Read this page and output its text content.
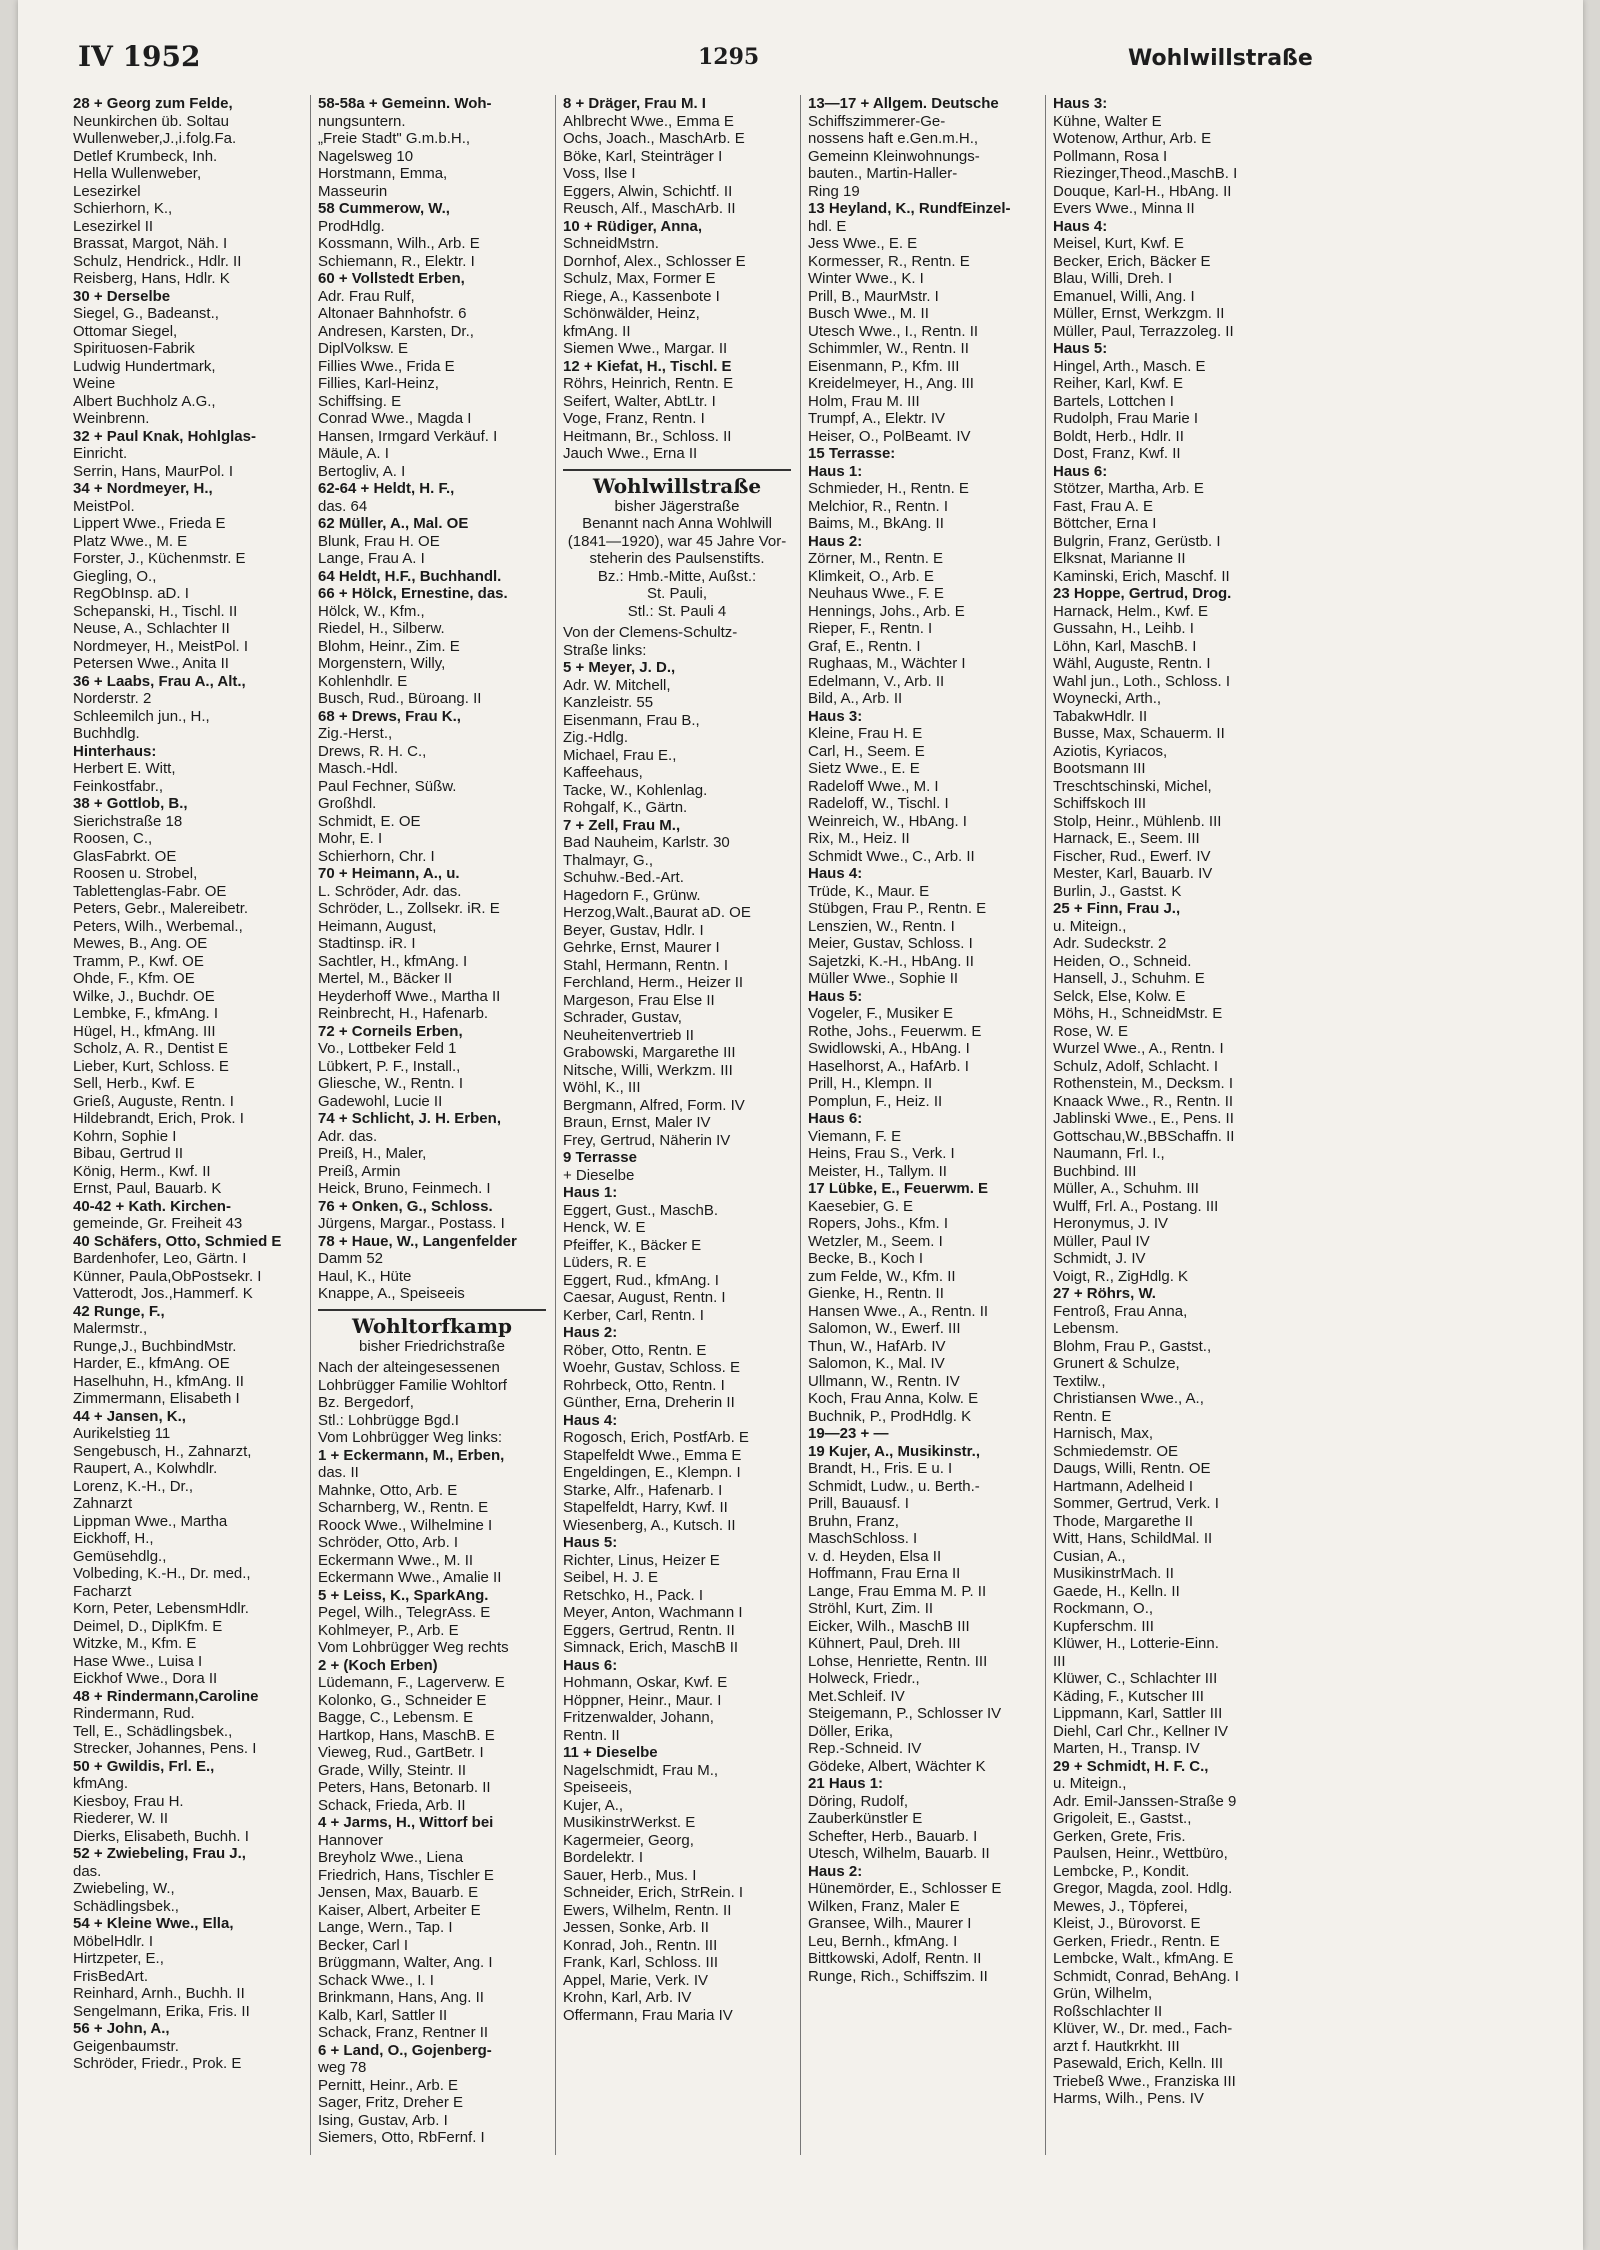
IV 1952	1295	Wohlwillstraße
28 + Georg zum Felde,
Neunkirchen üb. Soltau
Wullenweber,J.,i.folg.Fa.
Detlef Krumbeck, Inh.
Hella Wullenweber,
Lesezirkel
Schierhorn, K.,
Lesezirkel II
Brassat, Margot, Näh. I
Schulz, Hendrick., Hdlr. II
Reisberg, Hans, Hdlr. K
30 + Derselbe
Siegel, G., Badeanst.,
Ottomar Siegel,
Spirituosen-Fabrik
Ludwig Hundertmark,
Weine
Albert Buchholz A.G.,
Weinbrenn.
32 + Paul Knak, Hohlglas-
Einricht.
Serrin, Hans, MaurPol. I
34 + Nordmeyer, H.,
MeistPol.
Lippert Wwe., Frieda E
Platz Wwe., M. E
Forster, J., Küchenmstr. E
Giegling, O.,
RegObInsp. aD. I
Schepanski, H., Tischl. II
Neuse, A., Schlachter II
Nordmeyer, H., MeistPol. I
Petersen Wwe., Anita II
36 + Laabs, Frau A., Alt.,
Norderstr. 2
Schleemilch jun., H.,
Buchhdlg.
Hinterhaus:
Herbert E. Witt,
Feinkostfabr.,
38 + Gottlob, B.,
Sierichstraße 18
Roosen, C.,
GlasFabrkt. OE
Roosen u. Strobel,
Tablettenglas-Fabr. OE
Peters, Gebr., Malereibetr.
Peters, Wilh., Werbemal.,
Mewes, B., Ang. OE
Tramm, P., Kwf. OE
Ohde, F., Kfm. OE
Wilke, J., Buchdr. OE
Lembke, F., kfmAng. I
Hügel, H., kfmAng. III
Scholz, A. R., Dentist E
Lieber, Kurt, Schloss. E
Sell, Herb., Kwf. E
Grieß, Auguste, Rentn. I
Hildebrandt, Erich, Prok. I
Kohrn, Sophie I
Bibau, Gertrud II
König, Herm., Kwf. II
Ernst, Paul, Bauarb. K
40-42 + Kath. Kirchen-
gemeinde, Gr. Freiheit 43
40 Schäfers, Otto, Schmied E
Bardenhofer, Leo, Gärtn. I
Künner, Paula,ObPostsekr. I
Vatterodt, Jos.,Hammerf. K
42 Runge, F.,
Malermstr.,
Runge,J., BuchbindMstr.
Harder, E., kfmAng. OE
Haselhuhn, H., kfmAng. II
Zimmermann, Elisabeth I
44 + Jansen, K.,
Aurikelstieg 11
Sengebusch, H., Zahnarzt,
Raupert, A., Kolwhdlr.
Lorenz, K.-H., Dr.,
Zahnarzt
Lippman Wwe., Martha
Eickhoff, H.,
Gemüsehdlg.,
Volbeding, K.-H., Dr. med.,
Facharzt
Korn, Peter, LebensmHdlr.
Deimel, D., DiplKfm. E
Witzke, M., Kfm. E
Hase Wwe., Luisa I
Eickhof Wwe., Dora II
48 + Rindermann,Caroline
Rindermann, Rud.
Tell, E., Schädlingsbek.,
Strecker, Johannes, Pens. I
50 + Gwildis, Frl. E.,
kfmAng.
Kiesboy, Frau H.
Riederer, W. II
Dierks, Elisabeth, Buchh. I
52 + Zwiebeling, Frau J.,
das.
Zwiebeling, W.,
Schädlingsbek.,
54 + Kleine Wwe., Ella,
MöbelHdlr. I
Hirtzpeter, E.,
FrisBedArt.
Reinhard, Arnh., Buchh. II
Sengelmann, Erika, Fris. II
56 + John, A.,
Geigenbaumstr.
Schröder, Friedr., Prok. E
58-58a + Gemeinn. Woh-
nungsuntern.
„Freie Stadt" G.m.b.H.,
Nagelsweg 10
Horstmann, Emma,
Masseurin
58 Cummerow, W.,
ProdHdlg.
Kossmann, Wilh., Arb. E
Schiemann, R., Elektr. I
60 + Vollstedt Erben,
Adr. Frau Rulf,
Altonaer Bahnhofstr. 6
Andresen, Karsten, Dr.,
DiplVolksw. E
Fillies Wwe., Frida E
Fillies, Karl-Heinz,
Schiffsing. E
Conrad Wwe., Magda I
Hansen, Irmgard Verkäuf. I
Mäule, A. I
Bertogliv, A. I
62-64 + Heldt, H. F.,
das. 64
62 Müller, A., Mal. OE
Blunk, Frau H. OE
Lange, Frau A. I
64 Heldt, H.F., Buchhandl.
66 + Hölck, Ernestine, das.
Hölck, W., Kfm.,
Riedel, H., Silberw.
Blohm, Heinr., Zim. E
Morgenstern, Willy,
Kohlenhdlr. E
Busch, Rud., Büroang. II
68 + Drews, Frau K.,
Zig.-Herst.,
Drews, R. H. C.,
Masch.-Hdl.
Paul Fechner, Süßw.
Großhdl.
Schmidt, E. OE
Mohr, E. I
Schierhorn, Chr. I
70 + Heimann, A., u.
L. Schröder, Adr. das.
Schröder, L., Zollsekr. iR. E
Heimann, August,
Stadtinsp. iR. I
Sachtler, H., kfmAng. I
Mertel, M., Bäcker II
Heyderhoff Wwe., Martha II
Reinbrecht, H., Hafenarb.
72 + Corneils Erben,
Vo., Lottbeker Feld 1
Lübkert, P. F., Install.,
Gliesche, W., Rentn. I
Gadewohl, Lucie II
74 + Schlicht, J. H. Erben,
Adr. das.
Preiß, H., Maler,
Preiß, Armin
Heick, Bruno, Feinmech. I
76 + Onken, G., Schloss.
Jürgens, Margar., Postass. I
78 + Haue, W., Langenfelder
Damm 52
Haul, K., Hüte
Knappe, A., Speiseeis
Wohltorfkamp
bisher Friedrichstraße
Nach der alteingesessenen
Lohbrügger Familie Wohltorf
Bz. Bergedorf,
Stl.: Lohbrügge Bgd.I
Vom Lohbrügger Weg links:
1 + Eckermann, M., Erben,
das. II
Mahnke, Otto, Arb. E
Scharnberg, W., Rentn. E
Roock Wwe., Wilhelmine I
Schröder, Otto, Arb. I
Eckermann Wwe., M. II
Eckermann Wwe., Amalie II
5 + Leiss, K., SparkAng.
Pegel, Wilh., TelegrAss. E
Kohlmeyer, P., Arb. E
Vom Lohbrügger Weg rechts
2 + (Koch Erben)
Lüdemann, F., Lagerverw. E
Kolonko, G., Schneider E
Bagge, C., Lebensm. E
Hartkop, Hans, MaschB. E
Vieweg, Rud., GartBetr. I
Grade, Willy, Steintr. II
Peters, Hans, Betonarb. II
Schack, Frieda, Arb. II
4 + Jarms, H., Wittorf bei
Hannover
Breyholz Wwe., Liena
Friedrich, Hans, Tischler E
Jensen, Max, Bauarb. E
Kaiser, Albert, Arbeiter E
Lange, Wern., Tap. I
Becker, Carl I
Brüggmann, Walter, Ang. I
Schack Wwe., I. I
Brinkmann, Hans, Ang. II
Kalb, Karl, Sattler II
Schack, Franz, Rentner II
6 + Land, O., Gojenberg-
weg 78
Pernitt, Heinr., Arb. E
Sager, Fritz, Dreher E
Ising, Gustav, Arb. I
Siemers, Otto, RbFernf. I
8 + Dräger, Frau M. I
Ahlbrecht Wwe., Emma E
Ochs, Joach., MaschArb. E
Böke, Karl, Steinträger I
Voss, Ilse I
Eggers, Alwin, Schichtf. II
Reusch, Alf., MaschArb. II
10 + Rüdiger, Anna,
SchneidMstrn.
Dornhof, Alex., Schlosser E
Schulz, Max, Former E
Riege, A., Kassenbote I
Schönwälder, Heinz,
kfmAng. II
Siemen Wwe., Margar. II
12 + Kiefat, H., Tischl. E
Röhrs, Heinrich, Rentn. E
Seifert, Walter, AbtLtr. I
Voge, Franz, Rentn. I
Heitmann, Br., Schloss. II
Jauch Wwe., Erna II
Wohlwillstraße
bisher Jägerstraße
Benannt nach Anna Wohlwill
(1841—1920), war 45 Jahre Vor-
steherin des Paulsenstifts.
Bz.: Hmb.-Mitte, Außst.:
St. Pauli,
Stl.: St. Pauli 4
Von der Clemens-Schultz-
Straße links:
5 + Meyer, J. D.,
Adr. W. Mitchell,
Kanzleistr. 55
Eisenmann, Frau B.,
Zig.-Hdlg.
Michael, Frau E.,
Kaffeehaus,
Tacke, W., Kohlenlag.
Rohgalf, K., Gärtn.
7 + Zell, Frau M.,
Bad Nauheim, Karlstr. 30
Thalmayr, G.,
Schuhw.-Bed.-Art.
Hagedorn F., Grünw.
Herzog,Walt.,Baurat aD. OE
Beyer, Gustav, Hdlr. I
Gehrke, Ernst, Maurer I
Stahl, Hermann, Rentn. I
Ferchland, Herm., Heizer II
Margeson, Frau Else II
Schrader, Gustav,
Neuheitenvertrieb II
Grabowski, Margarethe III
Nitsche, Willi, Werkzm. III
Wöhl, K., III
Bergmann, Alfred, Form. IV
Braun, Ernst, Maler IV
Frey, Gertrud, Näherin IV
9 Terrasse
+ Dieselbe
Haus 1:
Eggert, Gust., MaschB.
Henck, W. E
Pfeiffer, K., Bäcker E
Lüders, R. E
Eggert, Rud., kfmAng. I
Caesar, August, Rentn. I
Kerber, Carl, Rentn. I
Haus 2:
Röber, Otto, Rentn. E
Woehr, Gustav, Schloss. E
Rohrbeck, Otto, Rentn. I
Günther, Erna, Dreherin II
Haus 4:
Rogosch, Erich, PostfArb. E
Stapelfeldt Wwe., Emma E
Engeldingen, E., Klempn. I
Starke, Alfr., Hafenarb. I
Stapelfeldt, Harry, Kwf. II
Wiesenberg, A., Kutsch. II
Haus 5:
Richter, Linus, Heizer E
Seibel, H. J. E
Retschko, H., Pack. I
Meyer, Anton, Wachmann I
Eggers, Gertrud, Rentn. II
Simnack, Erich, MaschB II
Haus 6:
Hohmann, Oskar, Kwf. E
Höppner, Heinr., Maur. I
Fritzenwalder, Johann,
Rentn. II
11 + Dieselbe
Nagelschmidt, Frau M.,
Speiseeis,
Kujer, A.,
MusikinstrWerkst. E
Kagermeier, Georg,
Bordelektr. I
Sauer, Herb., Mus. I
Schneider, Erich, StrRein. I
Ewers, Wilhelm, Rentn. II
Jessen, Sonke, Arb. II
Konrad, Joh., Rentn. III
Frank, Karl, Schloss. III
Appel, Marie, Verk. IV
Krohn, Karl, Arb. IV
Offermann, Frau Maria IV
13—17 + Allgem. Deutsche
Schiffszimmerer-Ge-
nossens haft e.Gen.m.H.,
Gemeinn Kleinwohnungs-
bauten., Martin-Haller-
Ring 19
13 Heyland, K., RundfEinzel-
hdl. E
Jess Wwe., E. E
Kormesser, R., Rentn. E
Winter Wwe., K. I
Prill, B., MaurMstr. I
Busch Wwe., M. II
Utesch Wwe., I., Rentn. II
Schimmler, W., Rentn. II
Eisenmann, P., Kfm. III
Kreidelmeyer, H., Ang. III
Holm, Frau M. III
Trumpf, A., Elektr. IV
Heiser, O., PolBeamt. IV
15 Terrasse:
Haus 1:
Schmieder, H., Rentn. E
Melchior, R., Rentn. I
Baims, M., BkAng. II
Haus 2:
Zörner, M., Rentn. E
Klimkeit, O., Arb. E
Neuhaus Wwe., F. E
Hennings, Johs., Arb. E
Rieper, F., Rentn. I
Graf, E., Rentn. I
Rughaas, M., Wächter I
Edelmann, V., Arb. II
Bild, A., Arb. II
Haus 3:
Kleine, Frau H. E
Carl, H., Seem. E
Sietz Wwe., E. E
Radeloff Wwe., M. I
Radeloff, W., Tischl. I
Weinreich, W., HbAng. I
Rix, M., Heiz. II
Schmidt Wwe., C., Arb. II
Haus 4:
Trüde, K., Maur. E
Stübgen, Frau P., Rentn. E
Lenszien, W., Rentn. I
Meier, Gustav, Schloss. I
Sajetzki, K.-H., HbAng. II
Müller Wwe., Sophie II
Haus 5:
Vogeler, F., Musiker E
Rothe, Johs., Feuerwm. E
Swidlowski, A., HbAng. I
Haselhorst, A., HafArb. I
Prill, H., Klempn. II
Pomplun, F., Heiz. II
Haus 6:
Viemann, F. E
Heins, Frau S., Verk. I
Meister, H., Tallym. II
17 Lübke, E., Feuerwm. E
Kaesebier, G. E
Ropers, Johs., Kfm. I
Wetzler, M., Seem. I
Becke, B., Koch I
zum Felde, W., Kfm. II
Gienke, H., Rentn. II
Hansen Wwe., A., Rentn. II
Salomon, W., Ewerf. III
Thun, W., HafArb. IV
Salomon, K., Mal. IV
Ullmann, W., Rentn. IV
Koch, Frau Anna, Kolw. E
Buchnik, P., ProdHdlg. K
19—23 + —
19 Kujer, A., Musikinstr.,
Brandt, H., Fris. E u. I
Schmidt, Ludw., u. Berth.-
Prill, Bauausf. I
Bruhn, Franz,
MaschSchloss. I
v. d. Heyden, Elsa II
Hoffmann, Frau Erna II
Lange, Frau Emma M. P. II
Ströhl, Kurt, Zim. II
Eicker, Wilh., MaschB III
Kühnert, Paul, Dreh. III
Lohse, Henriette, Rentn. III
Holweck, Friedr.,
Met.Schleif. IV
Steigemann, P., Schlosser IV
Döller, Erika,
Rep.-Schneid. IV
Gödeke, Albert, Wächter K
21 Haus 1:
Döring, Rudolf,
Zauberkünstler E
Schefter, Herb., Bauarb. I
Utesch, Wilhelm, Bauarb. II
Haus 2:
Hünemörder, E., Schlosser E
Wilken, Franz, Maler E
Gransee, Wilh., Maurer I
Leu, Bernh., kfmAng. I
Bittkowski, Adolf, Rentn. II
Runge, Rich., Schiffszim. II
Haus 3:
Kühne, Walter E
Wotenow, Arthur, Arb. E
Pollmann, Rosa I
Riezinger,Theod.,MaschB. I
Douque, Karl-H., HbAng. II
Evers Wwe., Minna II
Haus 4:
Meisel, Kurt, Kwf. E
Becker, Erich, Bäcker E
Blau, Willi, Dreh. I
Emanuel, Willi, Ang. I
Müller, Ernst, Werkzgm. II
Müller, Paul, Terrazzoleg. II
Haus 5:
Hingel, Arth., Masch. E
Reiher, Karl, Kwf. E
Bartels, Lottchen I
Rudolph, Frau Marie I
Boldt, Herb., Hdlr. II
Dost, Franz, Kwf. II
Haus 6:
Stötzer, Martha, Arb. E
Fast, Frau A. E
Böttcher, Erna I
Bulgrin, Franz, Gerüstb. I
Elksnat, Marianne II
Kaminski, Erich, Maschf. II
23 Hoppe, Gertrud, Drog.
Harnack, Helm., Kwf. E
Gussahn, H., Leihb. I
Löhn, Karl, MaschB. I
Wähl, Auguste, Rentn. I
Wahl jun., Loth., Schloss. I
Woynecki, Arth.,
TabakwHdlr. II
Busse, Max, Schauerm. II
Aziotis, Kyriacos,
Bootsmann III
Treschtschinski, Michel,
Schiffskoch III
Stolp, Heinr., Mühlenb. III
Harnack, E., Seem. III
Fischer, Rud., Ewerf. IV
Mester, Karl, Bauarb. IV
Burlin, J., Gastst. K
25 + Finn, Frau J.,
u. Miteign.,
Adr. Sudeckstr. 2
Heiden, O., Schneid.
Hansell, J., Schuhm. E
Selck, Else, Kolw. E
Möhs, H., SchneidMstr. E
Rose, W. E
Wurzel Wwe., A., Rentn. I
Schulz, Adolf, Schlacht. I
Rothenstein, M., Decksm. I
Knaack Wwe., R., Rentn. II
Jablinski Wwe., E., Pens. II
Gottschau,W.,BBSchaffn. II
Naumann, Frl. I.,
Buchbind. III
Müller, A., Schuhm. III
Wulff, Frl. A., Postang. III
Heronymus, J. IV
Müller, Paul IV
Schmidt, J. IV
Voigt, R., ZigHdlg. K
27 + Röhrs, W.
Fentroß, Frau Anna,
Lebensm.
Blohm, Frau P., Gastst.,
Grunert & Schulze,
Textilw.,
Christiansen Wwe., A.,
Rentn. E
Harnisch, Max,
Schmiedemstr. OE
Daugs, Willi, Rentn. OE
Hartmann, Adelheid I
Sommer, Gertrud, Verk. I
Thode, Margarethe II
Witt, Hans, SchildMal. II
Cusian, A.,
MusikinstrMach. II
Gaede, H., Kelln. II
Rockmann, O.,
Kupferschm. III
Klüwer, H., Lotterie-Einn.
III
Klüwer, C., Schlachter III
Käding, F., Kutscher III
Lippmann, Karl, Sattler III
Diehl, Carl Chr., Kellner IV
Marten, H., Transp. IV
29 + Schmidt, H. F. C.,
u. Miteign.,
Adr. Emil-Janssen-Straße 9
Grigoleit, E., Gastst.,
Gerken, Grete, Fris.
Paulsen, Heinr., Wettbüro,
Lembcke, P., Kondit.
Gregor, Magda, zool. Hdlg.
Mewes, J., Töpferei,
Kleist, J., Bürovorst. E
Gerken, Friedr., Rentn. E
Lembcke, Walt., kfmAng. E
Schmidt, Conrad, BehAng. I
Grün, Wilhelm,
Roßschlachter II
Klüver, W., Dr. med., Fach-
arzt f. Hautkrkht. III
Pasewald, Erich, Kelln. III
Triebeß Wwe., Franziska III
Harms, Wilh., Pens. IV
